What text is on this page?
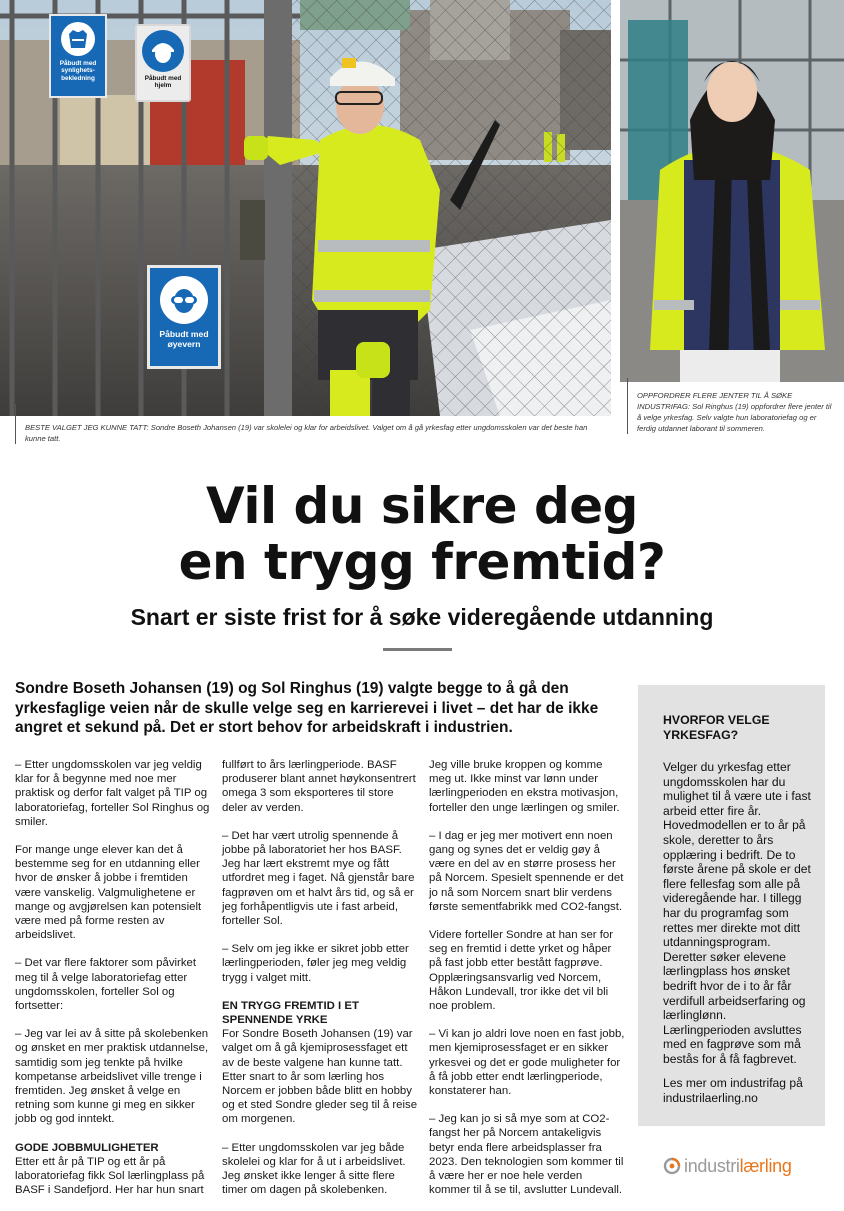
Påbudt med
synlighets-
bekledning	Påbudt med
hjelm
Påbudt med
øyevern
BESTE VALGET JEG KUNNE TATT: Sondre Boseth Johansen (19) var skolelei og klar for arbeidslivet. Valget om å gå yrkesfag etter ungdomsskolen var det beste han kunne tatt.
OPPFORDRER FLERE JENTER TIL Å SØKE INDUSTRIFAG: Sol Ringhus (19) oppfordrer flere jenter til å velge yrkesfag. Selv valgte hun laboratoriefag og er ferdig utdannet laborant til sommeren.
Vil du sikre deg
en trygg fremtid?
Snart er siste frist for å søke videregående utdanning

Sondre Boseth Johansen (19) og Sol Ringhus (19) valgte begge to å gå den yrkesfaglige veien når de skulle velge seg en karrierevei i livet – det har de ikke angret et sekund på. Det er stort behov for arbeidskraft i industrien.

– Etter ungdomsskolen var jeg veldig klar for å begynne med noe mer praktisk og derfor falt valget på TIP og laboratoriefag, forteller Sol Ringhus og smiler.

For mange unge elever kan det å bestemme seg for en utdanning eller hvor de ønsker å jobbe i fremtiden være vanskelig. Valgmulighetene er mange og avgjørelsen kan potensielt være med på forme resten av arbeidslivet.

– Det var flere faktorer som påvirket meg til å velge laboratoriefag etter ungdomsskolen, forteller Sol og fortsetter:

– Jeg var lei av å sitte på skolebenken og ønsket en mer praktisk utdannelse, samtidig som jeg tenkte på hvilke kompetanse arbeidslivet ville trenge i fremtiden. Jeg ønsket å velge en retning som kunne gi meg en sikker jobb og god inntekt.

GODE JOBBMULIGHETER

Etter ett år på TIP og ett år på laboratoriefag fikk Sol lærlingplass på BASF i Sandefjord. Her har hun snart

fullført to års lærlingperiode. BASF produserer blant annet høykonsentrert omega 3 som eksporteres til store deler av verden.

– Det har vært utrolig spennende å jobbe på laboratoriet her hos BASF. Jeg har lært ekstremt mye og fått utfordret meg i faget. Nå gjenstår bare fagprøven om et halvt års tid, og så er jeg forhåpentligvis ute i fast arbeid, forteller Sol.

– Selv om jeg ikke er sikret jobb etter lærlingperioden, føler jeg meg veldig trygg i valget mitt.

EN TRYGG FREMTID I ET SPENNENDE YRKE

For Sondre Boseth Johansen (19) var valget om å gå kjemiprosessfaget ett av de beste valgene han kunne tatt. Etter snart to år som lærling hos Norcem er jobben både blitt en hobby og et sted Sondre gleder seg til å reise om morgenen.

– Etter ungdomsskolen var jeg både skolelei og klar for å ut i arbeidslivet. Jeg ønsket ikke lenger å sitte flere timer om dagen på skolebenken.

Jeg ville bruke kroppen og komme meg ut. Ikke minst var lønn under lærlingperioden en ekstra motivasjon, forteller den unge lærlingen og smiler.

– I dag er jeg mer motivert enn noen gang og synes det er veldig gøy å være en del av en større prosess her på Norcem. Spesielt spennende er det jo nå som Norcem snart blir verdens første sementfabrikk med CO2-fangst.

Videre forteller Sondre at han ser for seg en fremtid i dette yrket og håper på fast jobb etter bestått fagprøve. Opplæringsansvarlig ved Norcem, Håkon Lundevall, tror ikke det vil bli noe problem.

– Vi kan jo aldri love noen en fast jobb, men kjemiprosessfaget er en sikker yrkesvei og det er gode muligheter for å få jobb etter endt lærlingperiode, konstaterer han.

– Jeg kan jo si så mye som at CO2-fangst her på Norcem antakeligvis betyr enda flere arbeidsplasser fra 2023. Den teknologien som kommer til å være her er noe hele verden kommer til å se til, avslutter Lundevall.

HVORFOR VELGE YRKESFAG?

Velger du yrkesfag etter ungdomsskolen har du mulighet til å være ute i fast arbeid etter fire år. Hovedmodellen er to år på skole, deretter to års opplæring i bedrift. De to første årene på skole er det flere fellesfag som alle på videregående har. I tillegg har du programfag som rettes mer direkte mot ditt utdanningsprogram. Deretter søker elevene lærlingplass hos ønsket bedrift hvor de i to år får verdifull arbeidserfaring og lærlinglønn. Lærlingperioden avsluttes med en fagprøve som må bestås for å få fagbrevet.

Les mer om industrifag på industrilaerling.no

industri lærling
